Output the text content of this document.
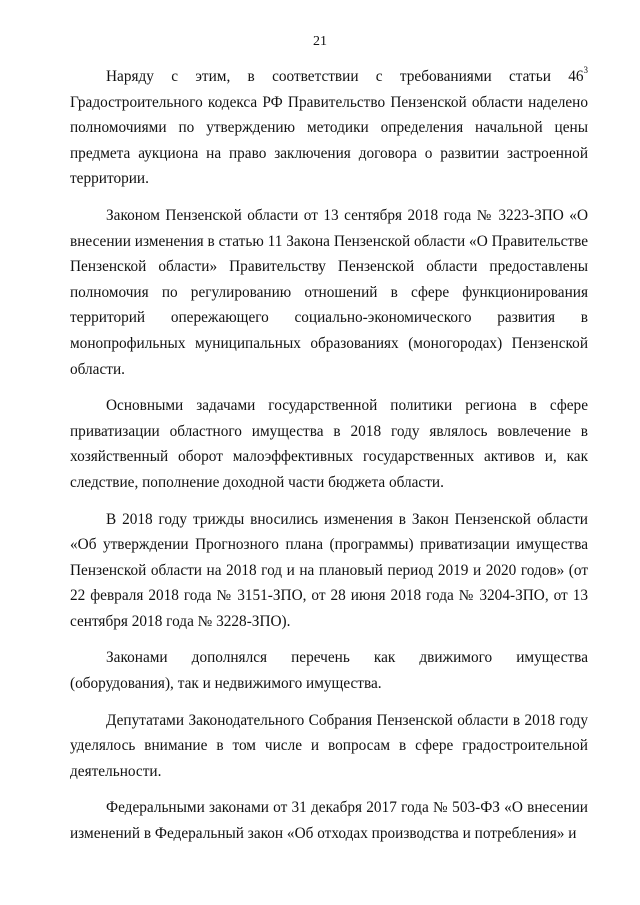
21

Наряду с этим, в соответствии с требованиями статьи $46^3$ Градостроительного кодекса РФ Правительство Пензенской области наделено полномочиями по утверждению методики определения начальной цены предмета аукциона на право заключения договора о развитии застроенной территории.

Законом Пензенской области от 13 сентября 2018 года № 3223-ЗПО «О внесении изменения в статью 11 Закона Пензенской области «О Правительстве Пензенской области» Правительству Пензенской области предоставлены полномочия по регулированию отношений в сфере функционирования территорий опережающего социально-экономического развития в монопрофильных муниципальных образованиях (моногородах) Пензенской области.

Основными задачами государственной политики региона в сфере приватизации областного имущества в 2018 году являлось вовлечение в хозяйственный оборот малоэффективных государственных активов и, как следствие, пополнение доходной части бюджета области.

В 2018 году трижды вносились изменения в Закон Пензенской области «Об утверждении Прогнозного плана (программы) приватизации имущества Пензенской области на 2018 год и на плановый период 2019 и 2020 годов» (от 22 февраля 2018 года № 3151-ЗПО, от 28 июня 2018 года № 3204-ЗПО, от 13 сентября 2018 года № 3228-ЗПО).

Законами дополнялся перечень как движимого имущества (оборудования), так и недвижимого имущества.

Депутатами Законодательного Собрания Пензенской области в 2018 году уделялось внимание в том числе и вопросам в сфере градостроительной деятельности.

Федеральными законами от 31 декабря 2017 года № 503-ФЗ «О внесении изменений в Федеральный закон «Об отходах производства и потребления» и
